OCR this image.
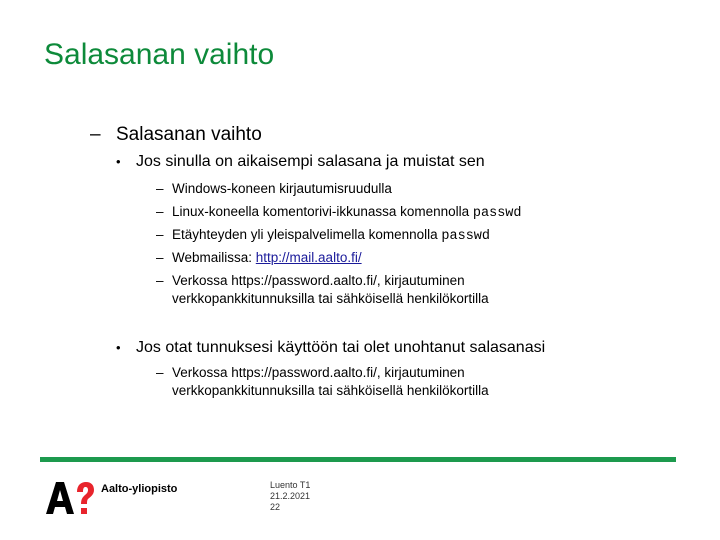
Salasanan vaihto
– Salasanan vaihto
• Jos sinulla on aikaisempi salasana ja muistat sen
– Windows-koneen kirjautumisruudulla
– Linux-koneella komentorivi-ikkunassa komennolla passwd
– Etäyhteyden yli yleispalvelimella komennolla passwd
– Webmailissa: http://mail.aalto.fi/
– Verkossa https://password.aalto.fi/, kirjautuminen
verkkopankkitunnuksilla tai sähköisellä henkilökortilla
• Jos otat tunnuksesi käyttöön tai olet unohtanut salasanasi
– Verkossa https://password.aalto.fi/, kirjautuminen
verkkopankkitunnuksilla tai sähköisellä henkilökortilla
Aalto-yliopisto	Luento T1
21.2.2021
22
